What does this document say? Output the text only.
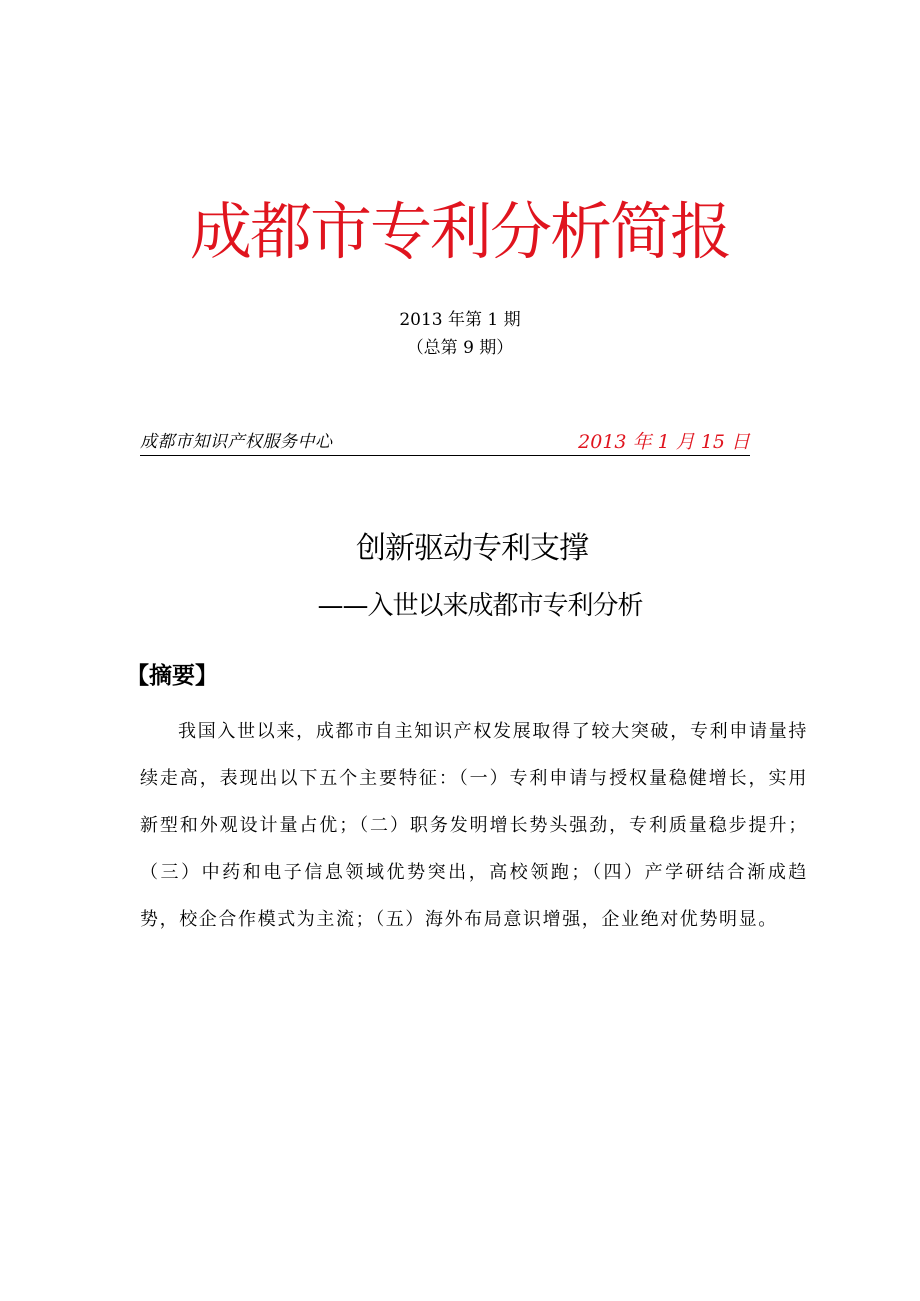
成都市专利分析简报

2013 年第 1 期

（总第 9 期）

成都市知识产权服务中心	2013 年 1 月 15 日
创新驱动专利支撑
——入世以来成都市专利分析
【摘要】

我国入世以来，成都市自主知识产权发展取得了较大突破，专利申请量持续走高，表现出以下五个主要特征：（一）专利申请与授权量稳健增长，实用新型和外观设计量占优；（二）职务发明增长势头强劲，专利质量稳步提升；（三）中药和电子信息领域优势突出，高校领跑；（四）产学研结合渐成趋势，校企合作模式为主流；（五）海外布局意识增强，企业绝对优势明显。
